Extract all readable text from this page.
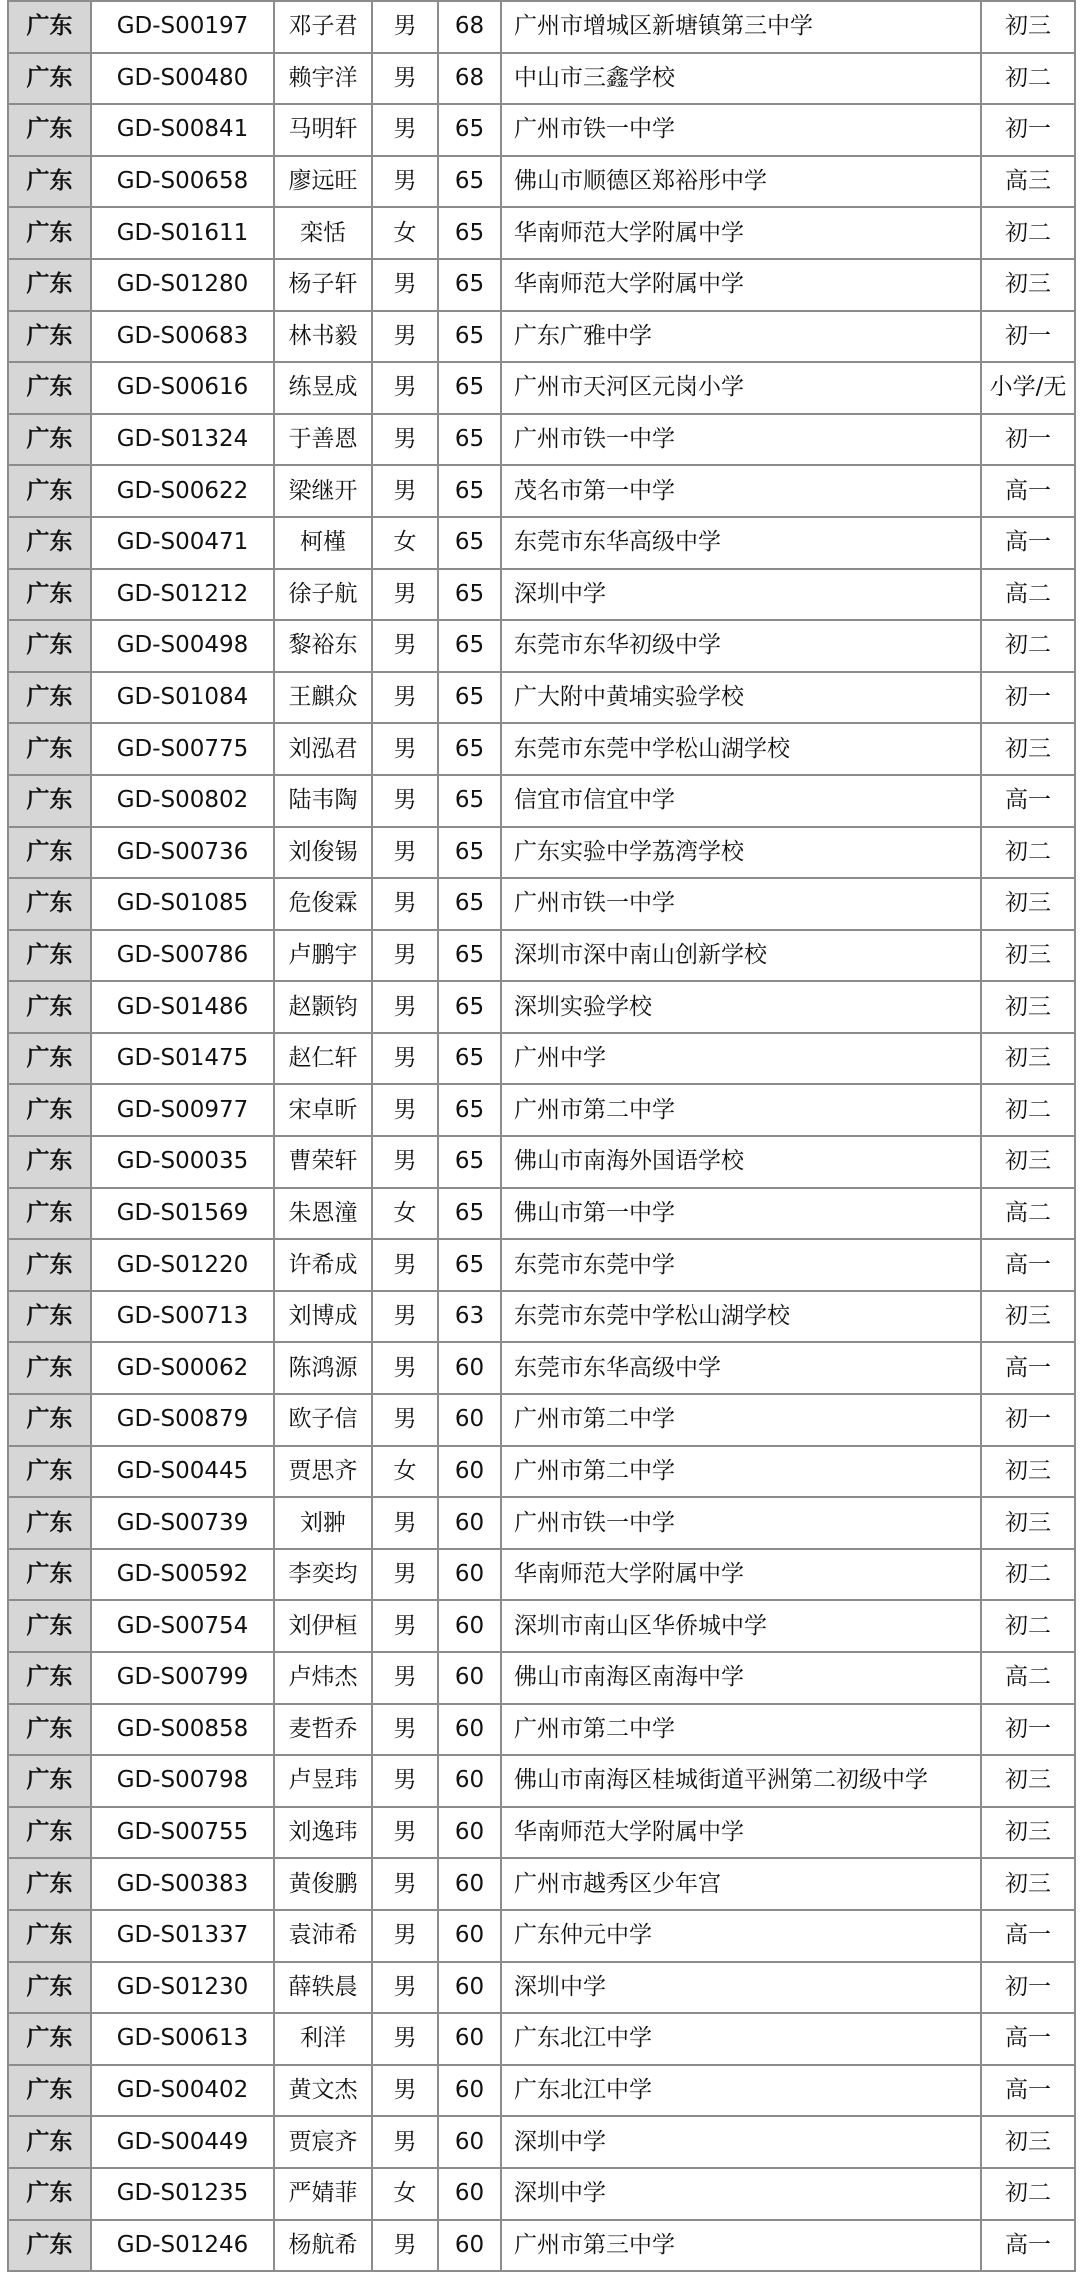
广东	GD-S00197	邓子君	男	68	广州市增城区新塘镇第三中学	初三
广东	GD-S00480	赖宇洋	男	68	中山市三鑫学校	初二
广东	GD-S00841	马明轩	男	65	广州市铁一中学	初一
广东	GD-S00658	廖远旺	男	65	佛山市顺德区郑裕彤中学	高三
广东	GD-S01611	栾恬	女	65	华南师范大学附属中学	初二
广东	GD-S01280	杨子轩	男	65	华南师范大学附属中学	初三
广东	GD-S00683	林书毅	男	65	广东广雅中学	初一
广东	GD-S00616	练昱成	男	65	广州市天河区元岗小学	小学/无
广东	GD-S01324	于善恩	男	65	广州市铁一中学	初一
广东	GD-S00622	梁继开	男	65	茂名市第一中学	高一
广东	GD-S00471	柯槿	女	65	东莞市东华高级中学	高一
广东	GD-S01212	徐子航	男	65	深圳中学	高二
广东	GD-S00498	黎裕东	男	65	东莞市东华初级中学	初二
广东	GD-S01084	王麒众	男	65	广大附中黄埔实验学校	初一
广东	GD-S00775	刘泓君	男	65	东莞市东莞中学松山湖学校	初三
广东	GD-S00802	陆韦陶	男	65	信宜市信宜中学	高一
广东	GD-S00736	刘俊锡	男	65	广东实验中学荔湾学校	初二
广东	GD-S01085	危俊霖	男	65	广州市铁一中学	初三
广东	GD-S00786	卢鹏宇	男	65	深圳市深中南山创新学校	初三
广东	GD-S01486	赵颢钧	男	65	深圳实验学校	初三
广东	GD-S01475	赵仁轩	男	65	广州中学	初三
广东	GD-S00977	宋卓昕	男	65	广州市第二中学	初二
广东	GD-S00035	曹荣轩	男	65	佛山市南海外国语学校	初三
广东	GD-S01569	朱恩潼	女	65	佛山市第一中学	高二
广东	GD-S01220	许希成	男	65	东莞市东莞中学	高一
广东	GD-S00713	刘博成	男	63	东莞市东莞中学松山湖学校	初三
广东	GD-S00062	陈鸿源	男	60	东莞市东华高级中学	高一
广东	GD-S00879	欧子信	男	60	广州市第二中学	初一
广东	GD-S00445	贾思齐	女	60	广州市第二中学	初三
广东	GD-S00739	刘翀	男	60	广州市铁一中学	初三
广东	GD-S00592	李奕均	男	60	华南师范大学附属中学	初二
广东	GD-S00754	刘伊桓	男	60	深圳市南山区华侨城中学	初二
广东	GD-S00799	卢炜杰	男	60	佛山市南海区南海中学	高二
广东	GD-S00858	麦哲乔	男	60	广州市第二中学	初一
广东	GD-S00798	卢昱玮	男	60	佛山市南海区桂城街道平洲第二初级中学	初三
广东	GD-S00755	刘逸玮	男	60	华南师范大学附属中学	初三
广东	GD-S00383	黄俊鹏	男	60	广州市越秀区少年宫	初三
广东	GD-S01337	袁沛希	男	60	广东仲元中学	高一
广东	GD-S01230	薛轶晨	男	60	深圳中学	初一
广东	GD-S00613	利洋	男	60	广东北江中学	高一
广东	GD-S00402	黄文杰	男	60	广东北江中学	高一
广东	GD-S00449	贾宸齐	男	60	深圳中学	初三
广东	GD-S01235	严婧菲	女	60	深圳中学	初二
广东	GD-S01246	杨航希	男	60	广州市第三中学	高一
